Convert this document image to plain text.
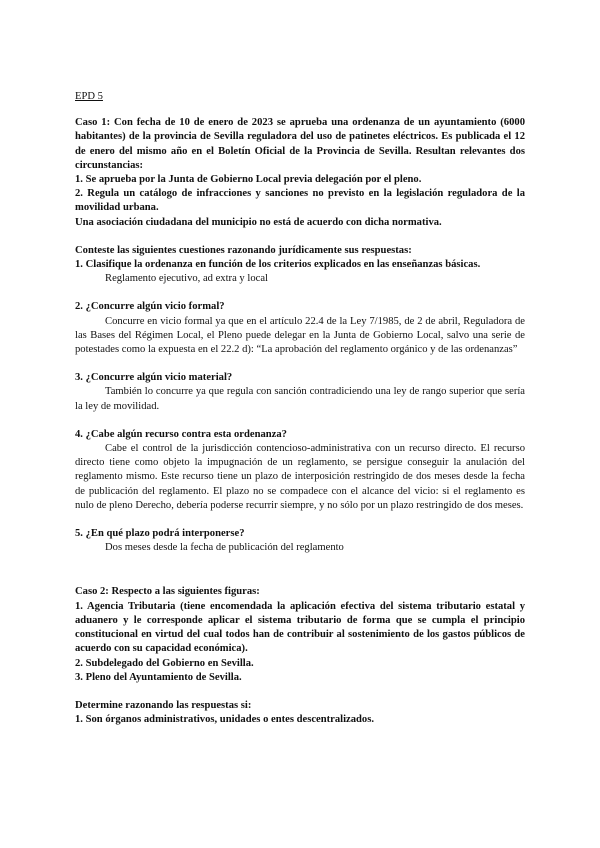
EPD 5

Caso 1: Con fecha de 10 de enero de 2023 se aprueba una ordenanza de un ayuntamiento (6000 habitantes) de la provincia de Sevilla reguladora del uso de patinetes eléctricos. Es publicada el 12 de enero del mismo año en el Boletín Oficial de la Provincia de Sevilla. Resultan relevantes dos circunstancias:

1. Se aprueba por la Junta de Gobierno Local previa delegación por el pleno.

2. Regula un catálogo de infracciones y sanciones no previsto en la legislación reguladora de la movilidad urbana.

Una asociación ciudadana del municipio no está de acuerdo con dicha normativa.

Conteste las siguientes cuestiones razonando jurídicamente sus respuestas:

1. Clasifique la ordenanza en función de los criterios explicados en las enseñanzas básicas.

Reglamento ejecutivo, ad extra y local

2. ¿Concurre algún vicio formal?

Concurre en vicio formal ya que en el artículo 22.4 de la Ley 7/1985, de 2 de abril, Reguladora de las Bases del Régimen Local, el Pleno puede delegar en la Junta de Gobierno Local, salvo una serie de potestades como la expuesta en el 22.2 d): “La aprobación del reglamento orgánico y de las ordenanzas”

3. ¿Concurre algún vicio material?

También lo concurre ya que regula con sanción contradiciendo una ley de rango superior que sería la ley de movilidad.

4. ¿Cabe algún recurso contra esta ordenanza?

Cabe el control de la jurisdicción contencioso-administrativa con un recurso directo. El recurso directo tiene como objeto la impugnación de un reglamento, se persigue conseguir la anulación del reglamento mismo. Este recurso tiene un plazo de interposición restringido de dos meses desde la fecha de publicación del reglamento. El plazo no se compadece con el alcance del vicio: si el reglamento es nulo de pleno Derecho, debería poderse recurrir siempre, y no sólo por un plazo restringido de dos meses.

5. ¿En qué plazo podrá interponerse?

Dos meses desde la fecha de publicación del reglamento

Caso 2: Respecto a las siguientes figuras:

1. Agencia Tributaria (tiene encomendada la aplicación efectiva del sistema tributario estatal y aduanero y le corresponde aplicar el sistema tributario de forma que se cumpla el principio constitucional en virtud del cual todos han de contribuir al sostenimiento de los gastos públicos de acuerdo con su capacidad económica).

2. Subdelegado del Gobierno en Sevilla.

3. Pleno del Ayuntamiento de Sevilla.

Determine razonando las respuestas si:

1. Son órganos administrativos, unidades o entes descentralizados.
